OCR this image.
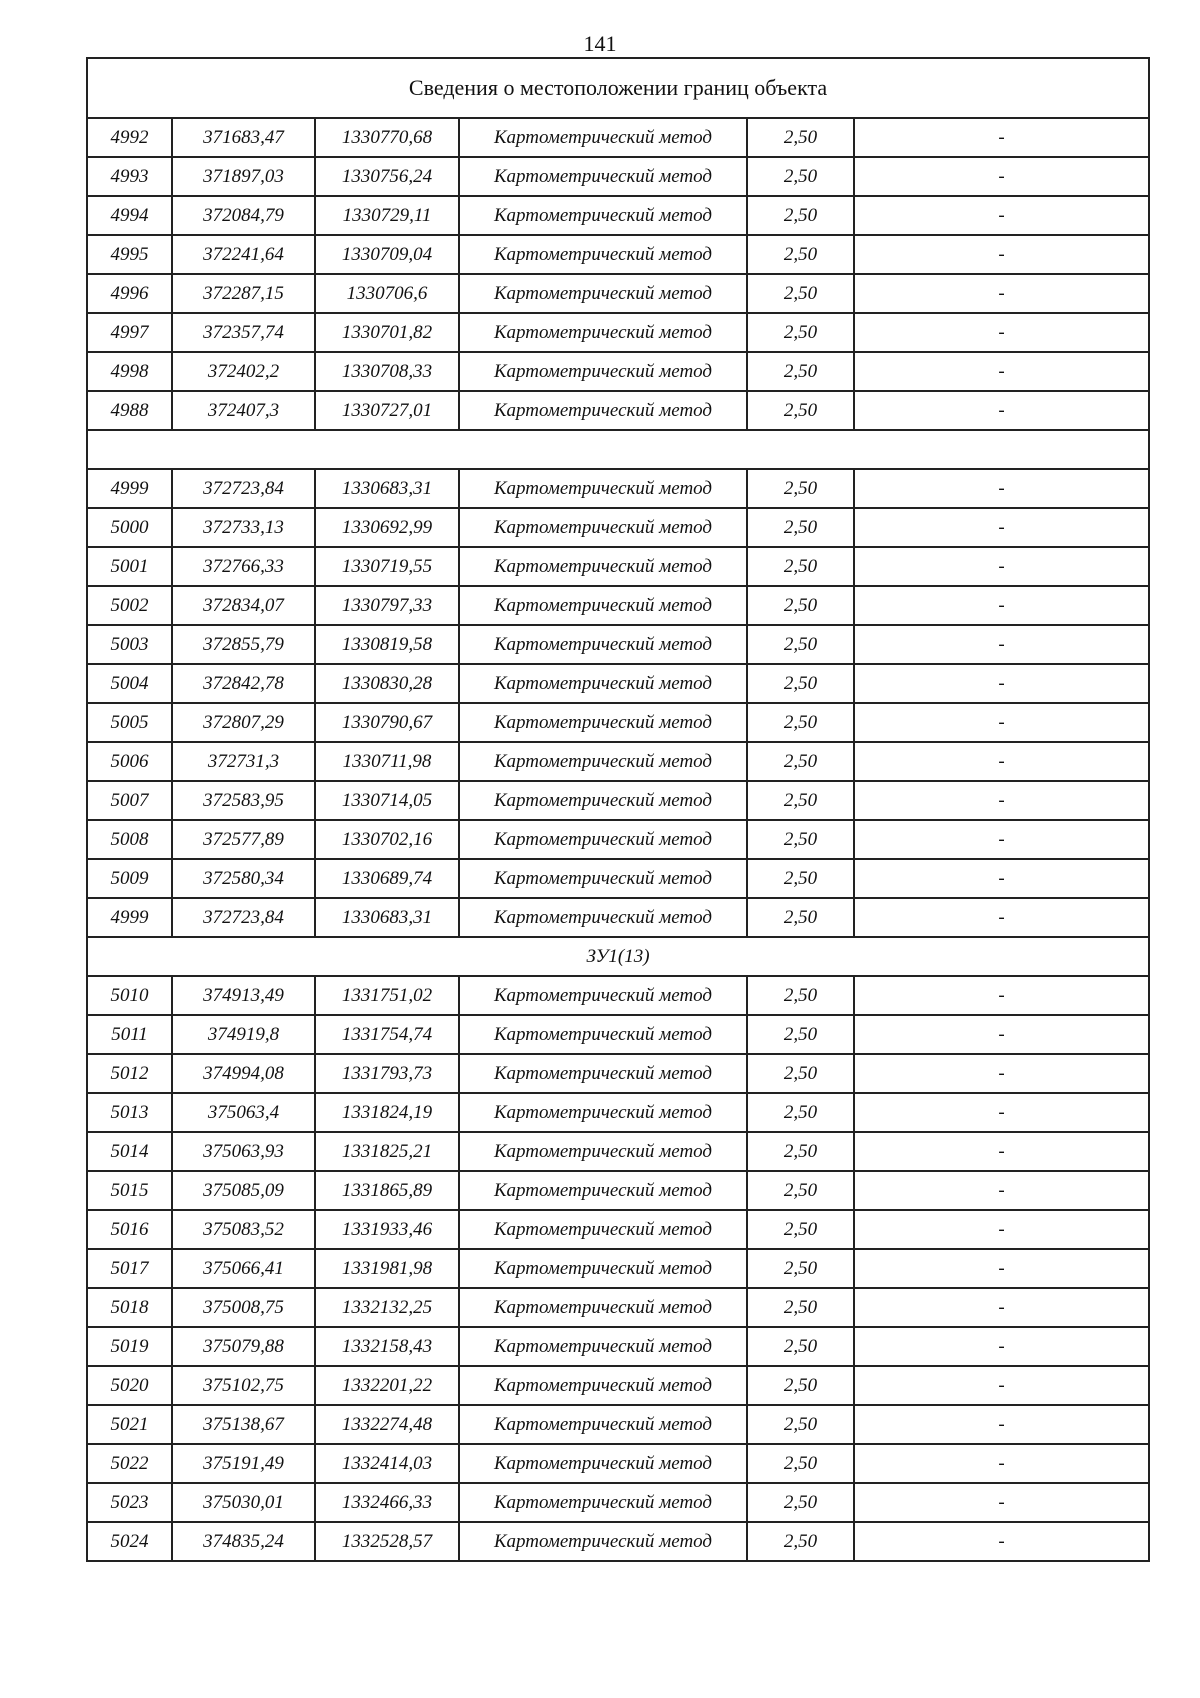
141
Сведения о местоположении границ объекта					
4992	371683,47	1330770,68	Картометрический метод	2,50	-
4993	371897,03	1330756,24	Картометрический метод	2,50	-
4994	372084,79	1330729,11	Картометрический метод	2,50	-
4995	372241,64	1330709,04	Картометрический метод	2,50	-
4996	372287,15	1330706,6	Картометрический метод	2,50	-
4997	372357,74	1330701,82	Картометрический метод	2,50	-
4998	372402,2	1330708,33	Картометрический метод	2,50	-
4988	372407,3	1330727,01	Картометрический метод	2,50	-

4999	372723,84	1330683,31	Картометрический метод	2,50	-
5000	372733,13	1330692,99	Картометрический метод	2,50	-
5001	372766,33	1330719,55	Картометрический метод	2,50	-
5002	372834,07	1330797,33	Картометрический метод	2,50	-
5003	372855,79	1330819,58	Картометрический метод	2,50	-
5004	372842,78	1330830,28	Картометрический метод	2,50	-
5005	372807,29	1330790,67	Картометрический метод	2,50	-
5006	372731,3	1330711,98	Картометрический метод	2,50	-
5007	372583,95	1330714,05	Картометрический метод	2,50	-
5008	372577,89	1330702,16	Картометрический метод	2,50	-
5009	372580,34	1330689,74	Картометрический метод	2,50	-
4999	372723,84	1330683,31	Картометрический метод	2,50	-
ЗУ1(13)					
5010	374913,49	1331751,02	Картометрический метод	2,50	-
5011	374919,8	1331754,74	Картометрический метод	2,50	-
5012	374994,08	1331793,73	Картометрический метод	2,50	-
5013	375063,4	1331824,19	Картометрический метод	2,50	-
5014	375063,93	1331825,21	Картометрический метод	2,50	-
5015	375085,09	1331865,89	Картометрический метод	2,50	-
5016	375083,52	1331933,46	Картометрический метод	2,50	-
5017	375066,41	1331981,98	Картометрический метод	2,50	-
5018	375008,75	1332132,25	Картометрический метод	2,50	-
5019	375079,88	1332158,43	Картометрический метод	2,50	-
5020	375102,75	1332201,22	Картометрический метод	2,50	-
5021	375138,67	1332274,48	Картометрический метод	2,50	-
5022	375191,49	1332414,03	Картометрический метод	2,50	-
5023	375030,01	1332466,33	Картометрический метод	2,50	-
5024	374835,24	1332528,57	Картометрический метод	2,50	-
